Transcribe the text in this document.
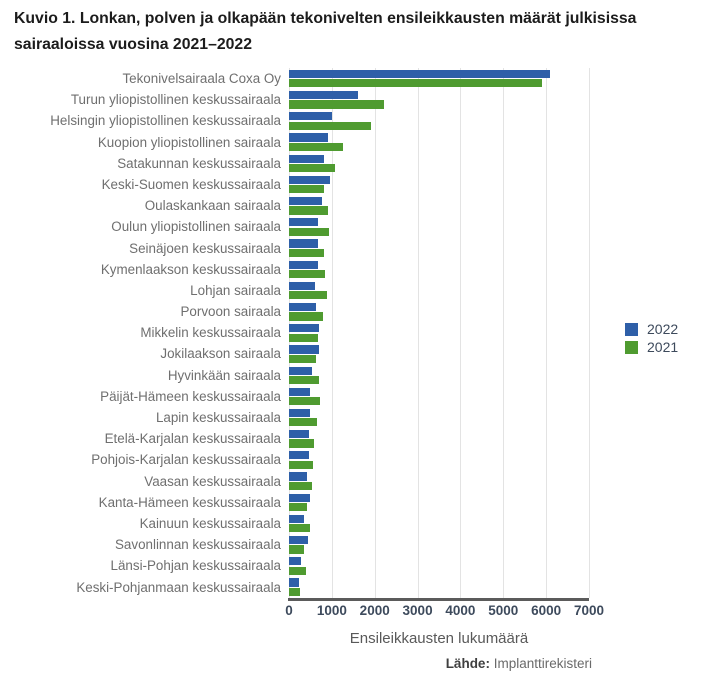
Kuvio 1. Lonkan, polven ja olkapään tekonivelten ensileikkausten määrät julkisissa sairaaloissa vuosina 2021–2022
Tekonivelsairaala Coxa Oy
Turun yliopistollinen keskussairaala
Helsingin yliopistollinen keskussairaala
Kuopion yliopistollinen sairaala
Satakunnan keskussairaala
Keski-Suomen keskussairaala
Oulaskankaan sairaala
Oulun yliopistollinen sairaala
Seinäjoen keskussairaala
Kymenlaakson keskussairaala
Lohjan sairaala
Porvoon sairaala
Mikkelin keskussairaala
Jokilaakson sairaala
Hyvinkään sairaala
Päijät-Hämeen keskussairaala
Lapin keskussairaala
Etelä-Karjalan keskussairaala
Pohjois-Karjalan keskussairaala
Vaasan keskussairaala
Kanta-Hämeen keskussairaala
Kainuun keskussairaala
Savonlinnan keskussairaala
Länsi-Pohjan keskussairaala
Keski-Pohjanmaan keskussairaala
0 1000 2000 3000 4000 5000 6000 7000
Ensileikkausten lukumäärä
2022
2021
Lähde: Implanttirekisteri
